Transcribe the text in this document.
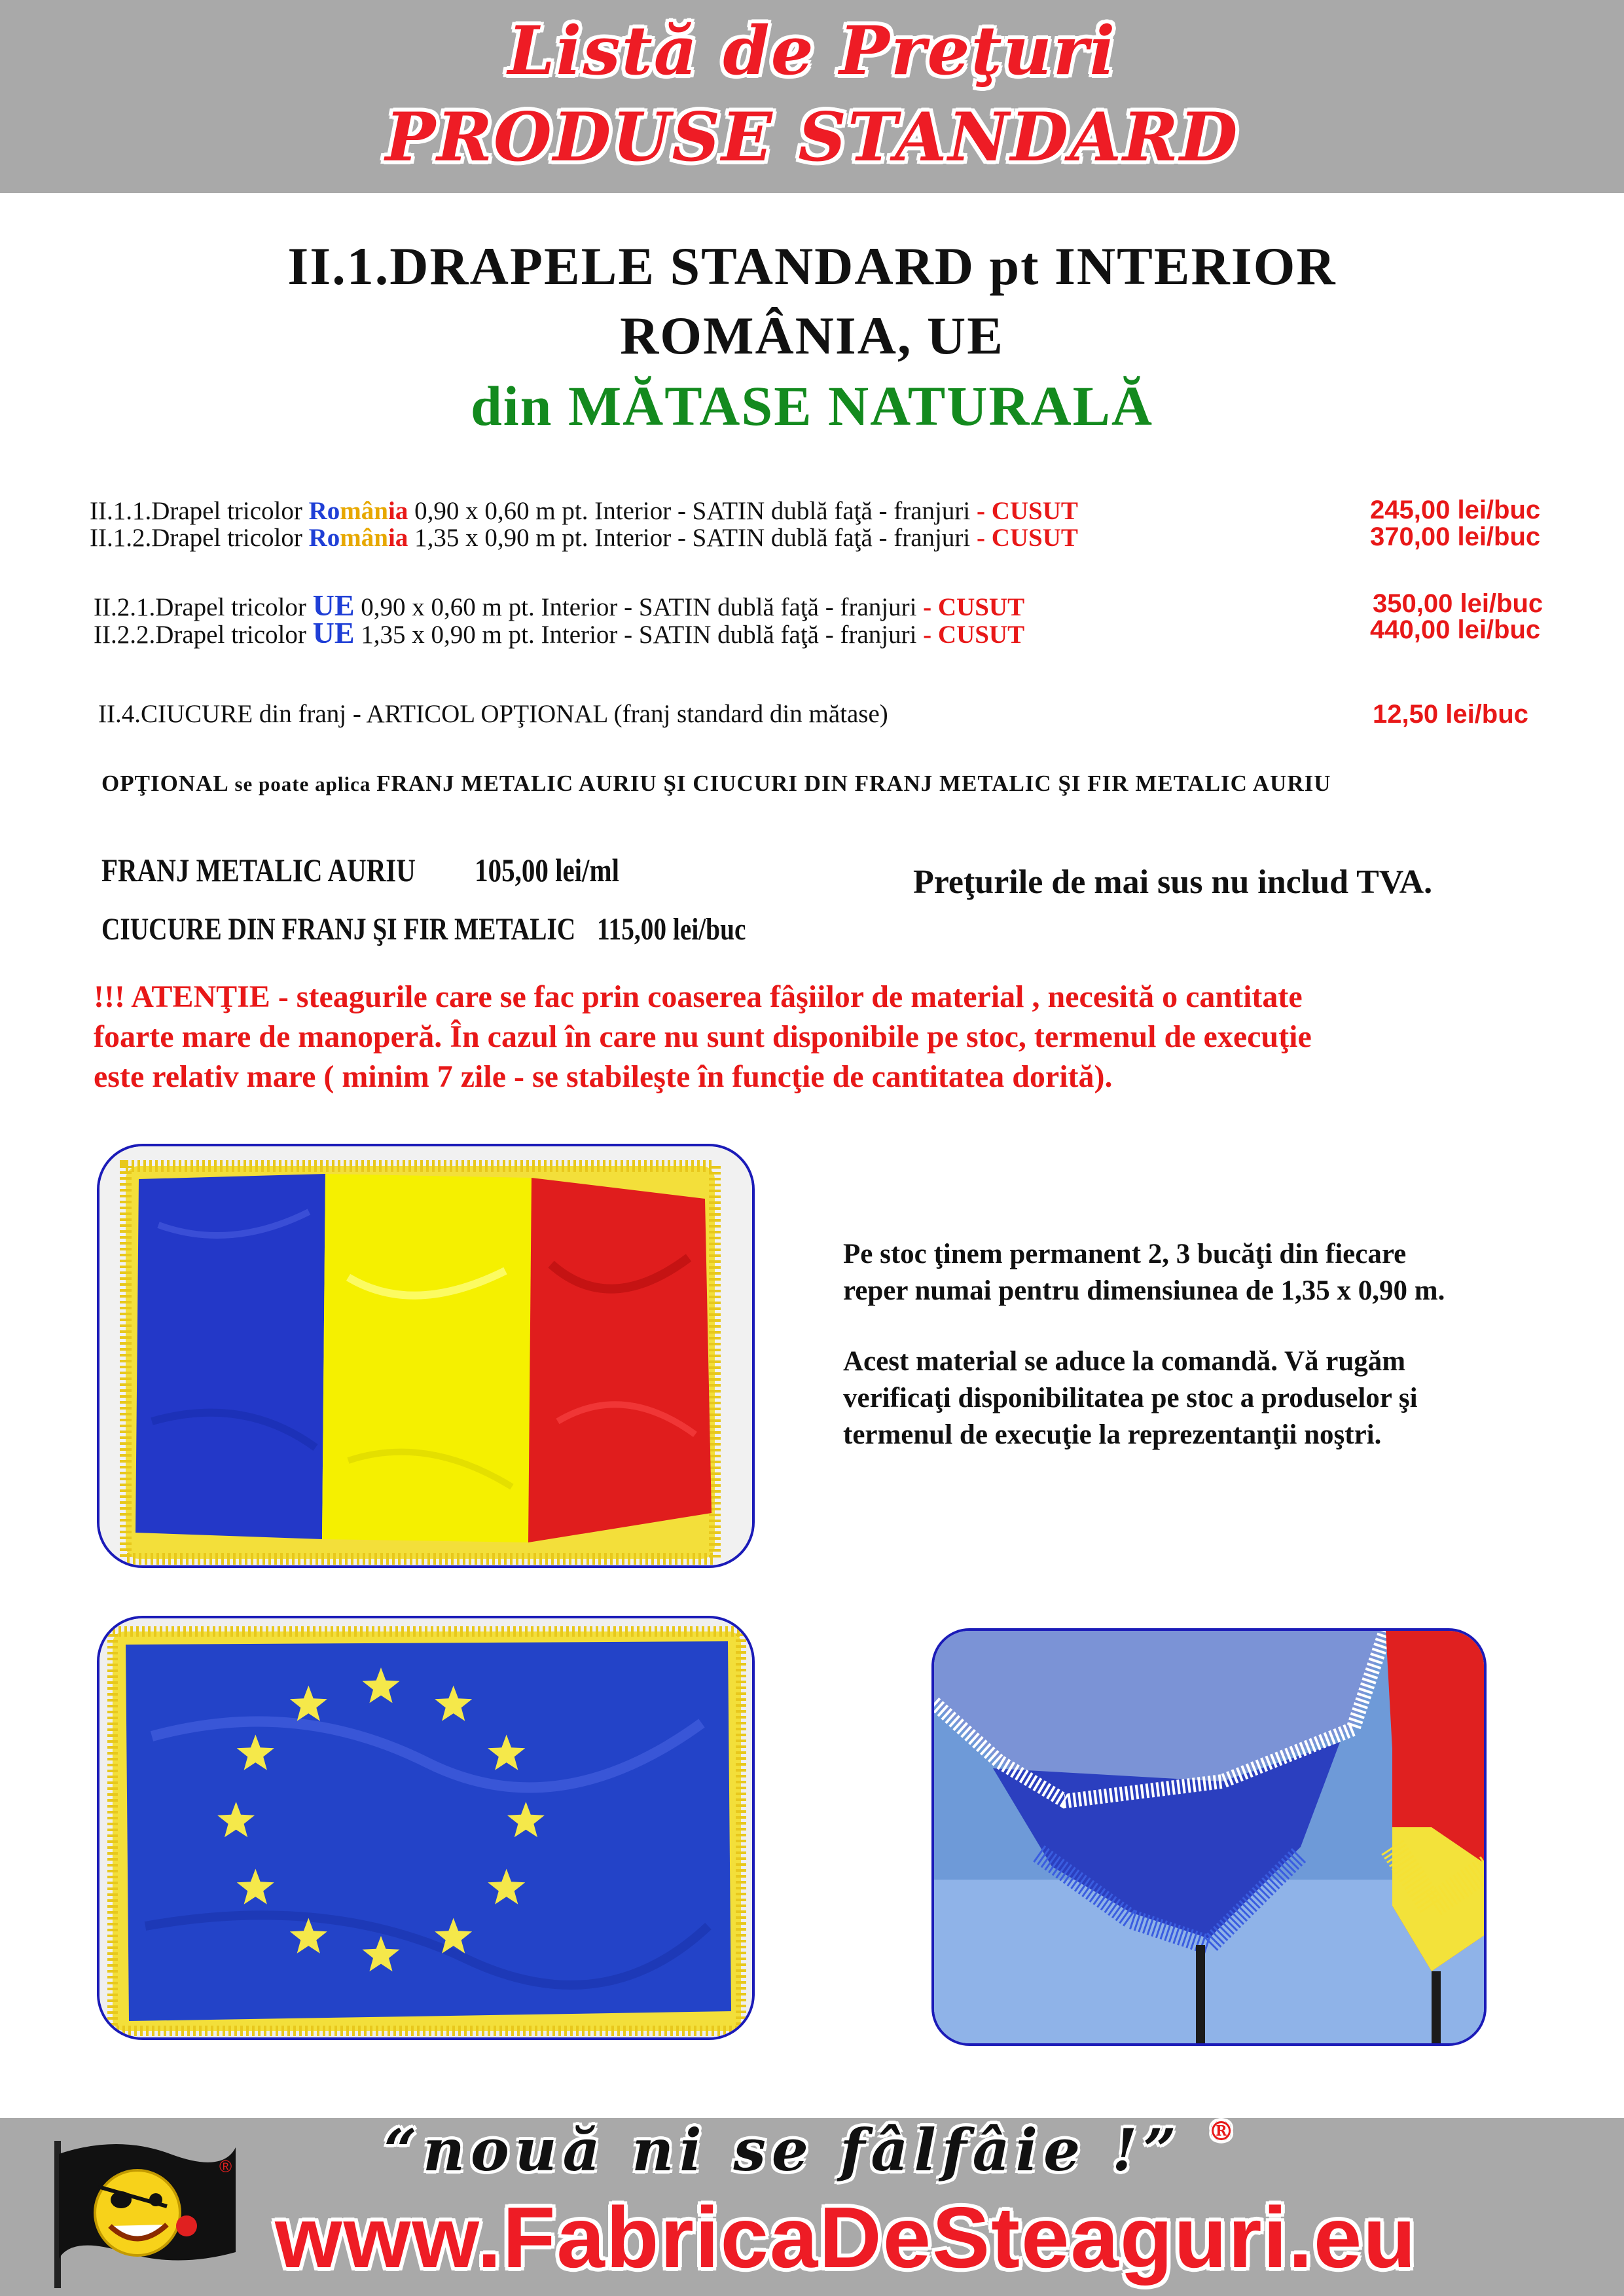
Listă de Preţuri
PRODUSE STANDARD
II.1.DRAPELE STANDARD pt INTERIOR
ROMÂNIA, UE
din MĂTASE NATURALĂ
II.1.1.Drapel tricolor România 0,90 x 0,60 m pt. Interior - SATIN dublă faţă - franjuri - CUSUT	245,00 lei/buc
II.1.2.Drapel tricolor România 1,35 x 0,90 m pt. Interior - SATIN dublă faţă - franjuri - CUSUT	370,00 lei/buc
II.2.1.Drapel tricolor UE 0,90 x 0,60 m pt. Interior - SATIN dublă faţă - franjuri - CUSUT	350,00 lei/buc
II.2.2.Drapel tricolor UE 1,35 x 0,90 m pt. Interior - SATIN dublă faţă - franjuri - CUSUT	440,00 lei/buc
II.4.CIUCURE din franj - ARTICOL OPŢIONAL (franj standard din mătase)	12,50 lei/buc
OPŢIONAL se poate aplica FRANJ METALIC AURIU ŞI CIUCURI DIN FRANJ METALIC ŞI FIR METALIC AURIU
FRANJ METALIC AURIU 105,00 lei/ml
CIUCURE DIN FRANJ ŞI FIR METALIC 115,00 lei/buc
Preţurile de mai sus nu includ TVA.
!!! ATENŢIE - steagurile care se fac prin coaserea fâşiilor de material , necesită o cantitate
foarte mare de manoperă. În cazul în care nu sunt disponibile pe stoc, termenul de execuţie
este relativ mare ( minim 7 zile - se stabileşte în funcţie de cantitatea dorită).
Pe stoc ţinem permanent 2, 3 bucăţi din fiecare
reper numai pentru dimensiunea de 1,35 x 0,90 m.
Acest material se aduce la comandă. Vă rugăm
verificaţi disponibilitatea pe stoc a produselor şi
termenul de execuţie la reprezentanţii noştri.
®	“nouă ni se fâlfâie !” ®
www.FabricaDeSteaguri.eu
